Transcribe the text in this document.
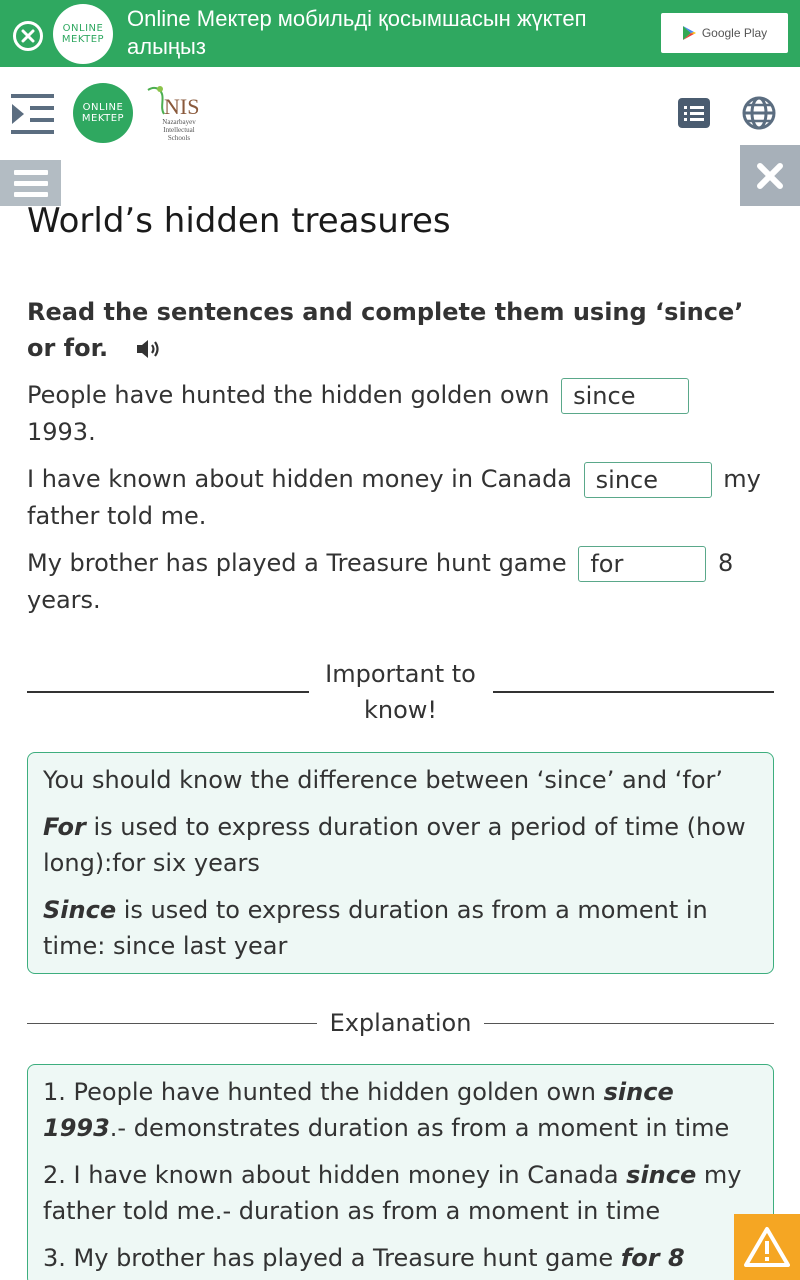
ONLINE
MEKTEP
Online Мектер мобильді қосымшасын жүктеп алыңыз
Google Play
ONLINE
MEKTEP NIS
Nazarbayev
Intellectual
Schools
World’s hidden treasures
Read the sentences and complete them using ‘since’ or for.

People have hunted the hidden golden own since
1993.

I have known about hidden money in Canada since	my father told me.

My brother has played a Treasure hunt game for	8 years.

Important to know!

You should know the difference between ‘since’ and ‘for’

For is used to express duration over a period of time (how long):for six years

Since is used to express duration as from a moment in time: since last year

Explanation

1. People have hunted the hidden golden own since 1993.- demonstrates duration as from a moment in time

2. I have known about hidden money in Canada since my father told me.- duration as from a moment in time

3. My brother has played a Treasure hunt game for 8
